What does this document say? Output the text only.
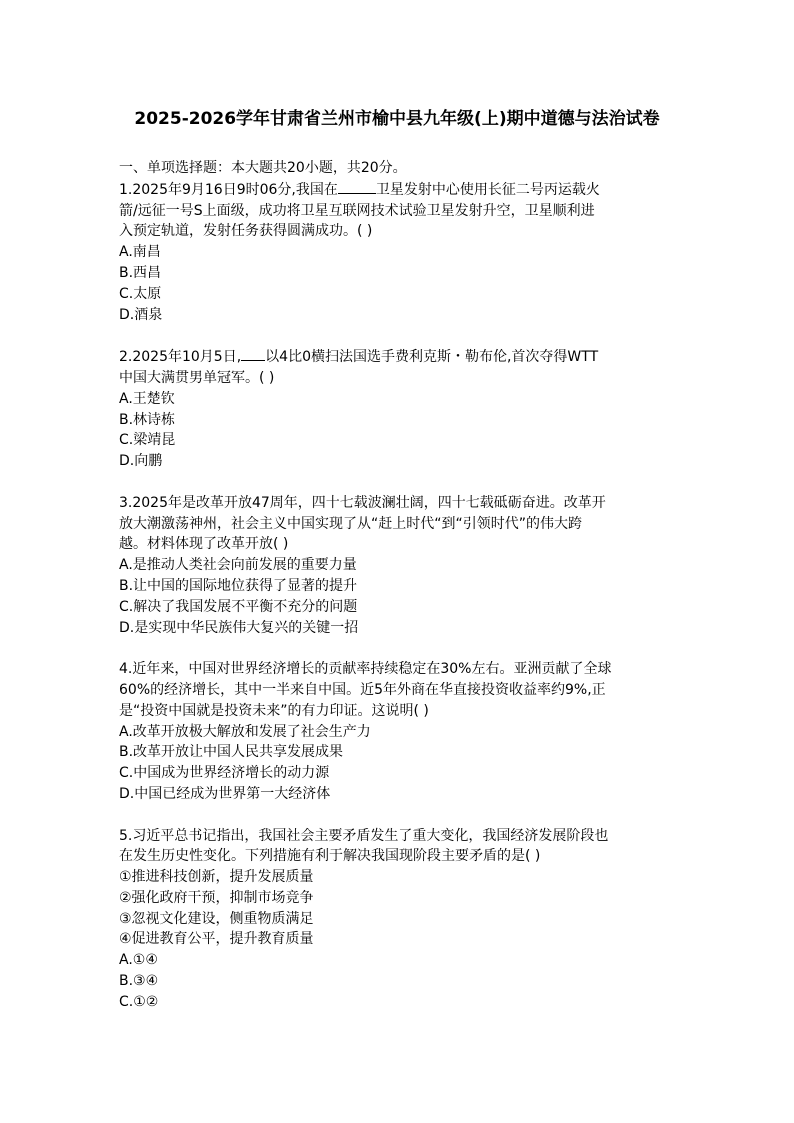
2025-2026学年甘肃省兰州市榆中县九年级(上)期中道德与法治试卷

一、单项选择题：本大题共20小题，共20分。

1.2025年9月16日9时06分,我国在	卫星发射中心使用长征二号丙运载火

箭/远征一号S上面级，成功将卫星互联网技术试验卫星发射升空，卫星顺利进

入预定轨道，发射任务获得圆满成功。( )

A.南昌

B.西昌

C.太原

D.酒泉

2.2025年10月5日, 以4比0横扫法国选手费利克斯・勒布伦,首次夺得WTT

中国大满贯男单冠军。( )

A.王楚钦

B.林诗栋

C.梁靖昆

D.向鹏

3.2025年是改革开放47周年，四十七载波澜壮阔，四十七载砥砺奋进。改革开

放大潮激荡神州，社会主义中国实现了从“赶上时代“到“引领时代”的伟大跨

越。材料体现了改革开放( )

A.是推动人类社会向前发展的重要力量

B.让中国的国际地位获得了显著的提升

C.解决了我国发展不平衡不充分的问题

D.是实现中华民族伟大复兴的关键一招

4.近年来，中国对世界经济增长的贡献率持续稳定在30%左右。亚洲贡献了全球

60%的经济增长，其中一半来自中国。近5年外商在华直接投资收益率约9%,正

是“投资中国就是投资未来”的有力印证。这说明( )

A.改革开放极大解放和发展了社会生产力

B.改革开放让中国人民共享发展成果

C.中国成为世界经济增长的动力源

D.中国已经成为世界第一大经济体

5.习近平总书记指出，我国社会主要矛盾发生了重大变化，我国经济发展阶段也

在发生历史性变化。下列措施有利于解决我国现阶段主要矛盾的是( )

①推进科技创新，提升发展质量

②强化政府干预，抑制市场竞争

③忽视文化建设，侧重物质满足

④促进教育公平，提升教育质量

A.①④

B.③④

C.①②
